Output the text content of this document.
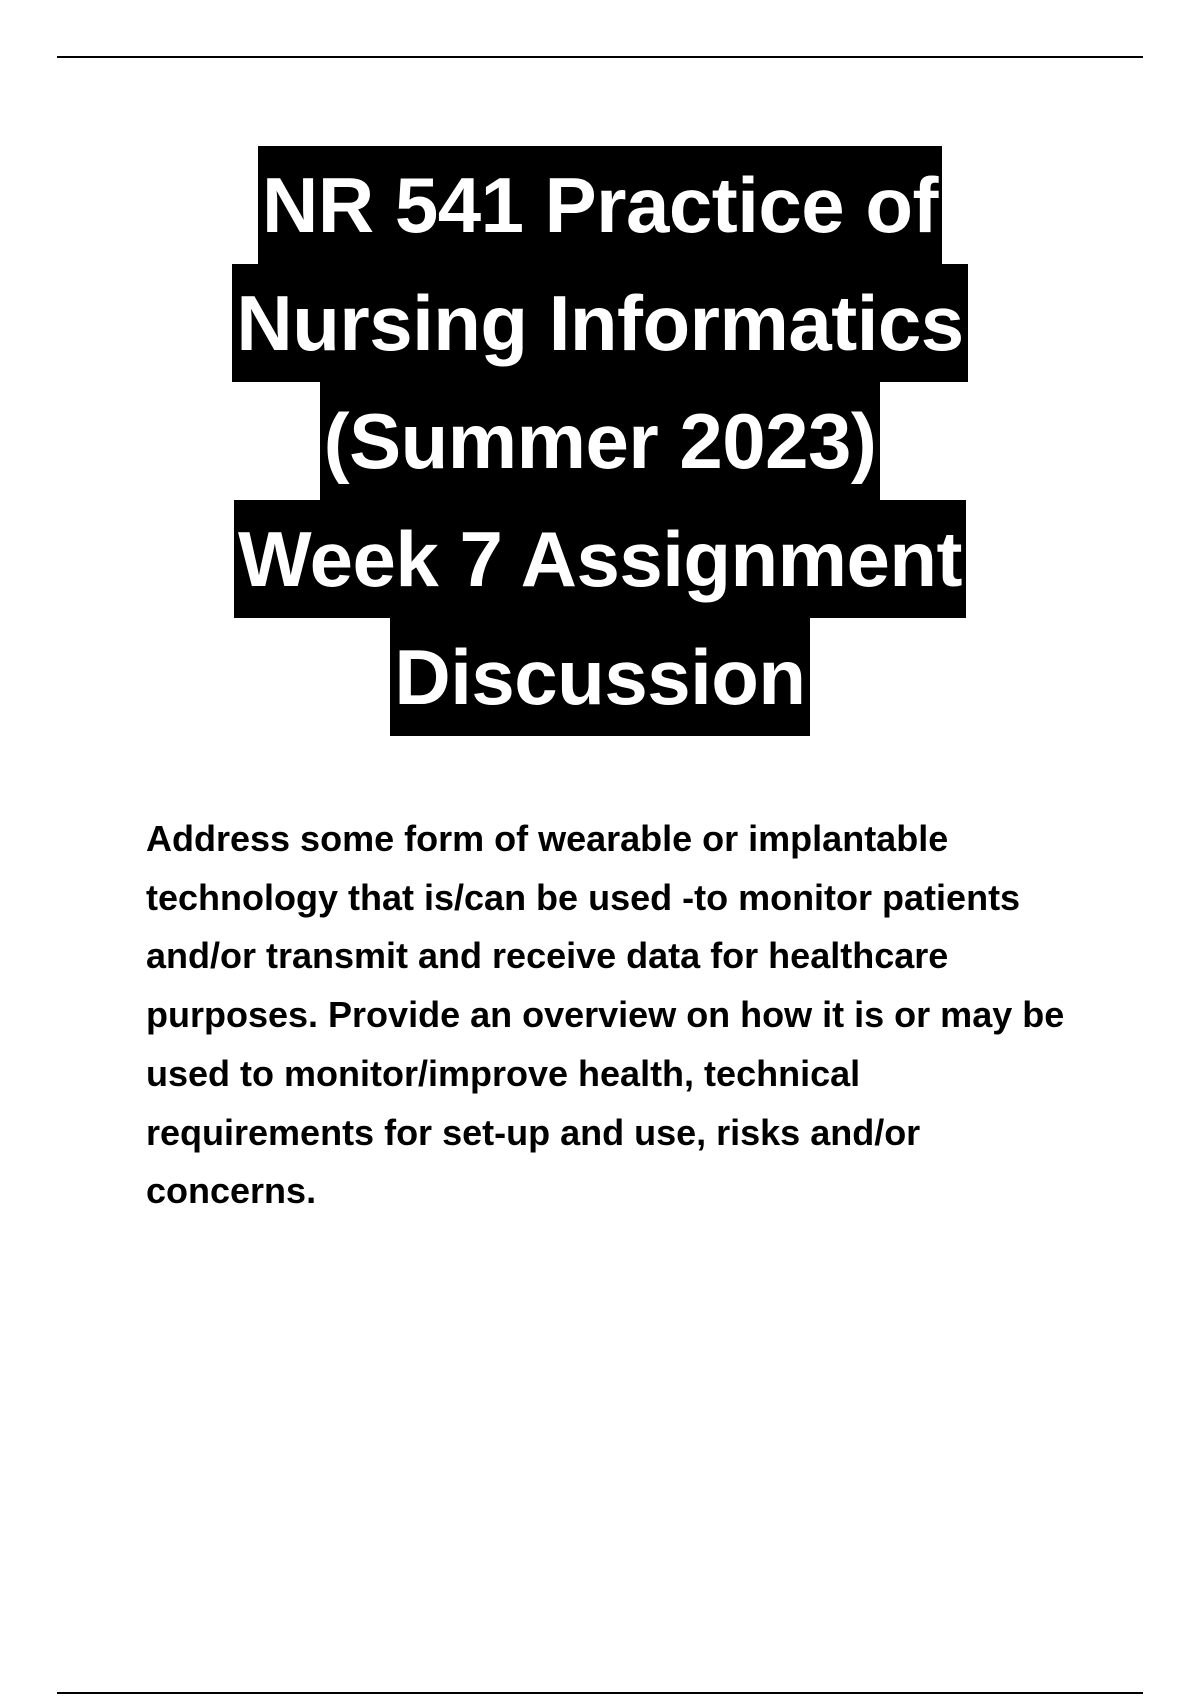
NR 541 Practice of
Nursing Informatics
(Summer 2023)
Week 7 Assignment
Discussion

Address some form of wearable or implantable technology that is/can be used -to monitor patients and/or transmit and receive data for healthcare purposes. Provide an overview on how it is or may be used to monitor/improve health, technical requirements for set-up and use, risks and/or concerns.
